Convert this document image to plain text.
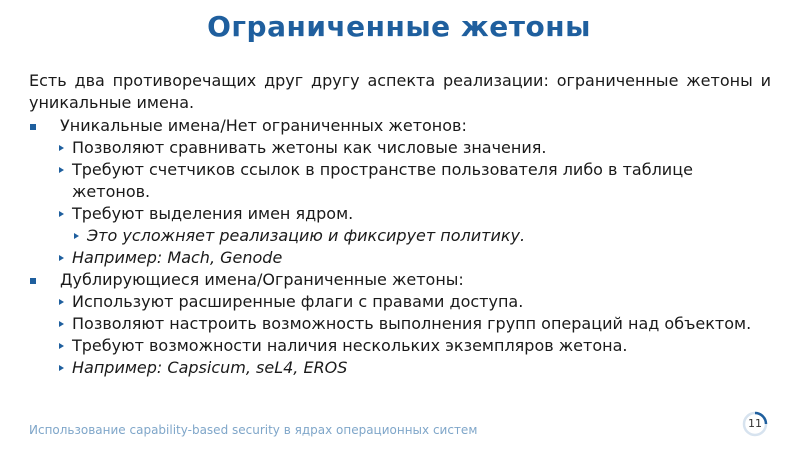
Ограниченные жетоны

Есть два противоречащих друг другу аспекта реализации: ограниченные жетоны и уникальные имена.

Уникальные имена/Нет ограниченных жетонов:

Позволяют сравнивать жетоны как числовые значения.

Требуют счетчиков ссылок в пространстве пользователя либо в таблице жетонов.

Требуют выделения имен ядром.

Это усложняет реализацию и фиксирует политику.

Например: Mach, Genode

Дублирующиеся имена/Ограниченные жетоны:

Используют расширенные флаги с правами доступа.

Позволяют настроить возможность выполнения групп операций над объектом.

Требуют возможности наличия нескольких экземпляров жетона.

Например: Capsicum, seL4, EROS

Использование capability-based security в ядрах операционных систем	11
